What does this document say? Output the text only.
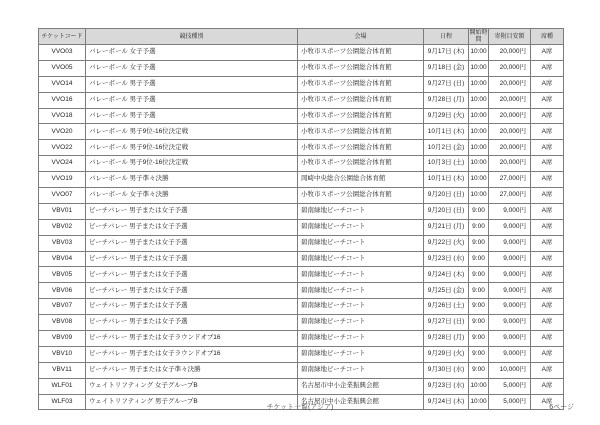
チケットコード	競技種別	会場	日程	開始時間	寄附目安額	席種
VVO03	バレーボール 女子予選	小牧市スポーツ公園総合体育館	9月17日 (木)	10:00	20,000円	A席
VVO05	バレーボール 女子予選	小牧市スポーツ公園総合体育館	9月18日 (金)	10:00	20,000円	A席
VVO14	バレーボール 男子予選	小牧市スポーツ公園総合体育館	9月27日 (日)	10:00	20,000円	A席
VVO16	バレーボール 男子予選	小牧市スポーツ公園総合体育館	9月28日 (月)	10:00	20,000円	A席
VVO18	バレーボール 男子予選	小牧市スポーツ公園総合体育館	9月29日 (火)	10:00	20,000円	A席
VVO20	バレーボール 男子9位-16位決定戦	小牧市スポーツ公園総合体育館	10月1日 (木)	10:00	20,000円	A席
VVO22	バレーボール 男子9位-16位決定戦	小牧市スポーツ公園総合体育館	10月2日 (金)	10:00	20,000円	A席
VVO24	バレーボール 男子9位-16位決定戦	小牧市スポーツ公園総合体育館	10月3日 (土)	10:00	20,000円	A席
VVO19	バレーボール 男子準々決勝	岡崎中央総合公園総合体育館	10月1日 (木)	10:00	27,000円	A席
VVO07	バレーボール 女子準々決勝	小牧市スポーツ公園総合体育館	9月20日 (日)	10:00	27,000円	A席
VBV01	ビーチバレー 男子または女子予選	碧南緑地ビーチコート	9月20日 (日)	9:00	9,000円	A席
VBV02	ビーチバレー 男子または女子予選	碧南緑地ビーチコート	9月21日 (月)	9:00	9,000円	A席
VBV03	ビーチバレー 男子または女子予選	碧南緑地ビーチコート	9月22日 (火)	9:00	9,000円	A席
VBV04	ビーチバレー 男子または女子予選	碧南緑地ビーチコート	9月23日 (水)	9:00	9,000円	A席
VBV05	ビーチバレー 男子または女子予選	碧南緑地ビーチコート	9月24日 (木)	9:00	9,000円	A席
VBV06	ビーチバレー 男子または女子予選	碧南緑地ビーチコート	9月25日 (金)	9:00	9,000円	A席
VBV07	ビーチバレー 男子または女子予選	碧南緑地ビーチコート	9月26日 (土)	9:00	9,000円	A席
VBV08	ビーチバレー 男子または女子予選	碧南緑地ビーチコート	9月27日 (日)	9:00	9,000円	A席
VBV09	ビーチバレー 男子または女子ラウンドオブ16	碧南緑地ビーチコート	9月28日 (月)	9:00	9,000円	A席
VBV10	ビーチバレー 男子または女子ラウンドオブ16	碧南緑地ビーチコート	9月29日 (火)	9:00	9,000円	A席
VBV11	ビーチバレー 男子または女子準々決勝	碧南緑地ビーチコート	9月30日 (水)	9:00	10,000円	A席
WLF01	ウェイトリフティング 女子グループB	名古屋市中小企業振興会館	9月23日 (水)	10:00	5,000円	A席
WLF03	ウェイトリフティング 男子グループB	名古屋市中小企業振興会館	9月24日 (木)	10:00	5,000円	A席
チケット一覧(アジア)	6ページ
